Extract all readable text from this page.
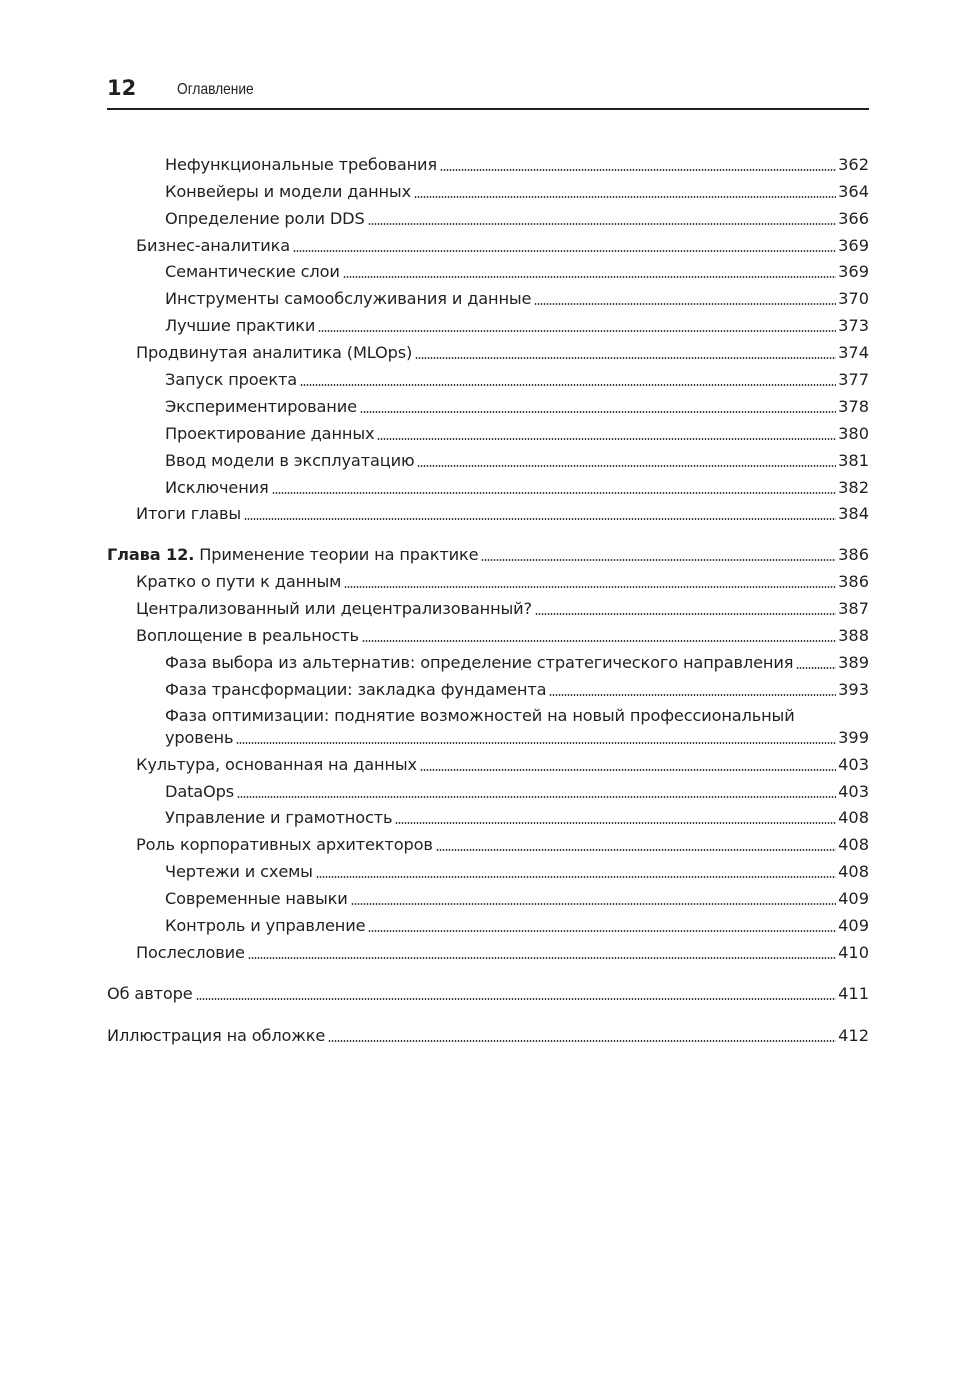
12	Оглавление
Нефункциональные требования	362
Конвейеры и модели данных	364
Определение роли DDS	366
Бизнес-аналитика	369
Семантические слои	369
Инструменты самообслуживания и данные	370
Лучшие практики	373
Продвинутая аналитика (MLOps)	374
Запуск проекта	377
Экспериментирование	378
Проектирование данных	380
Ввод модели в эксплуатацию	381
Исключения	382
Итоги главы	384
Глава 12. Применение теории на практике	386
Кратко о пути к данным	386
Централизованный или децентрализованный?	387
Воплощение в реальность	388
Фаза выбора из альтернатив: определение стратегического направления	389
Фаза трансформации: закладка фундамента	393
Фаза оптимизации: поднятие возможностей на новый профессиональный
уровень	399
Культура, основанная на данных	403
DataOps	403
Управление и грамотность	408
Роль корпоративных архитекторов	408
Чертежи и схемы	408
Современные навыки	409
Контроль и управление	409
Послесловие	410
Об авторе	411
Иллюстрация на обложке	412
